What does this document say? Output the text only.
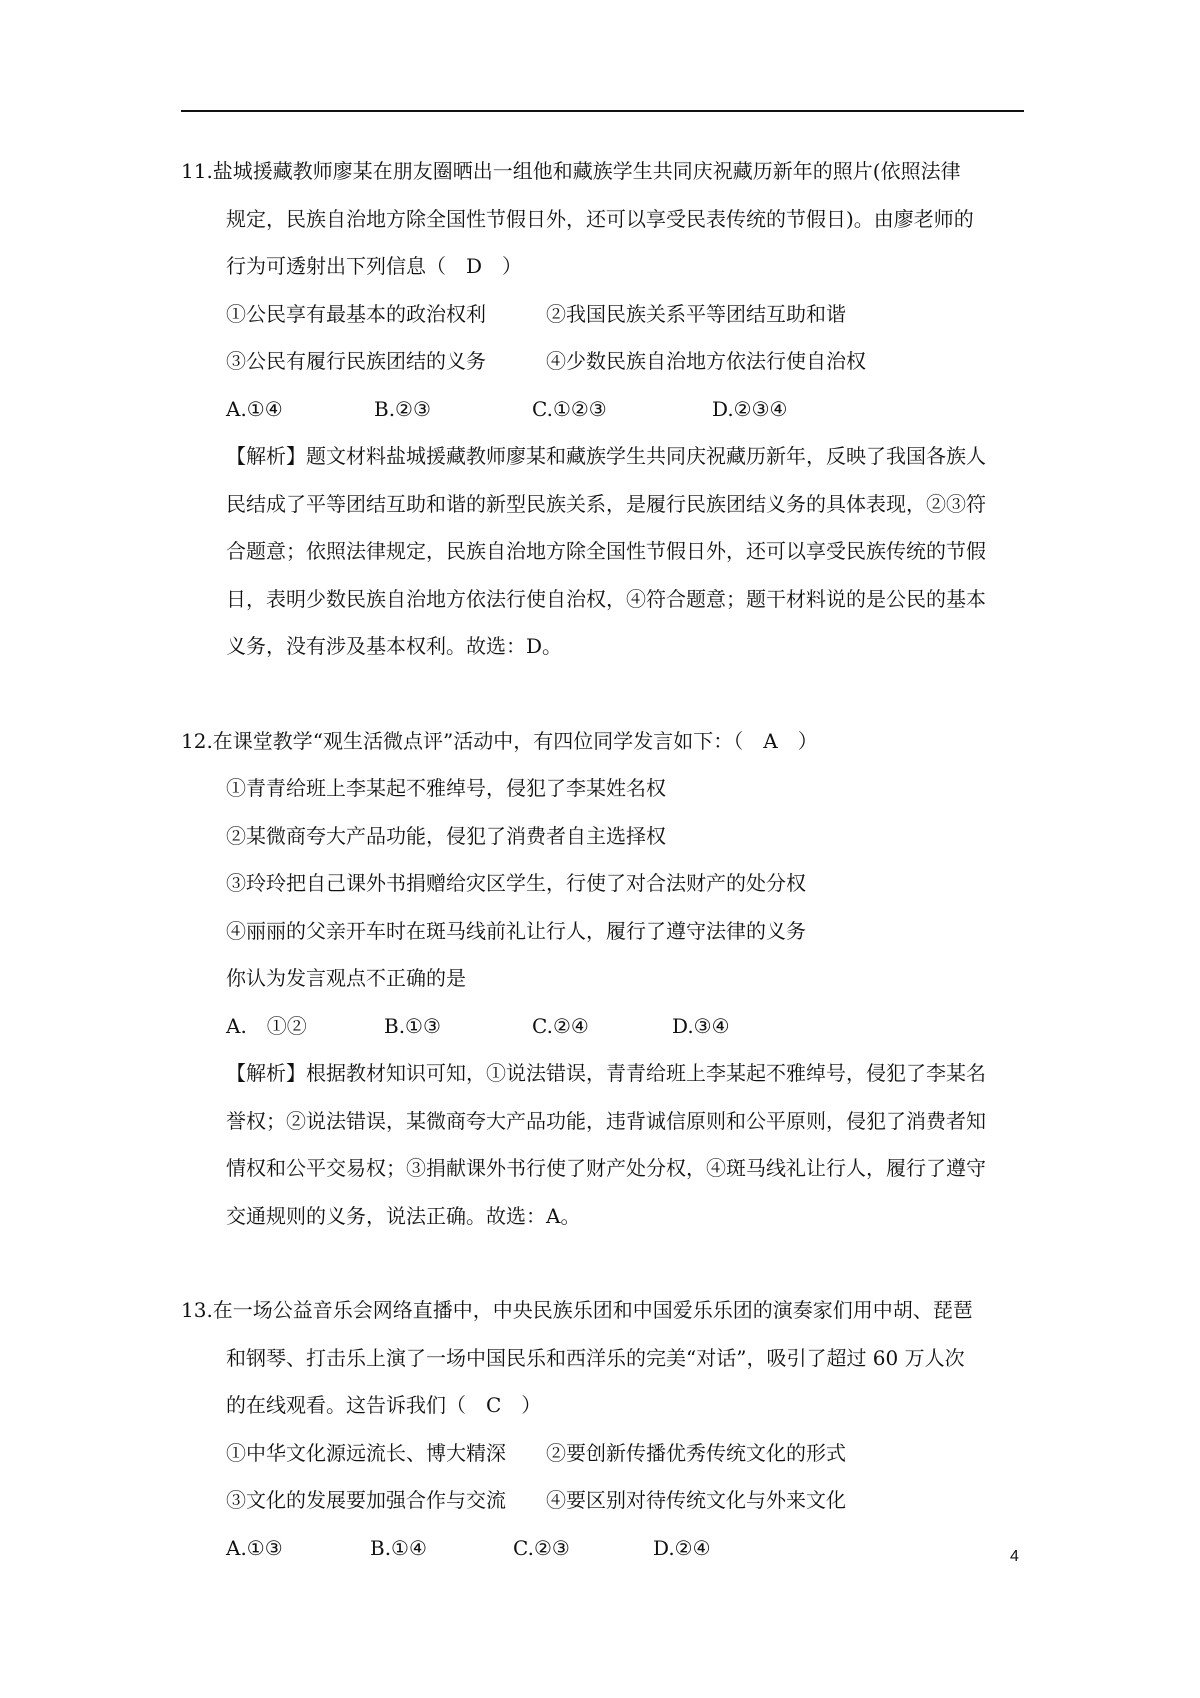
11.盐城援藏教师廖某在朋友圈晒出一组他和藏族学生共同庆祝藏历新年的照片(依照法律

规定，民族自治地方除全国性节假日外，还可以享受民表传统的节假日)。由廖老师的

行为可透射出下列信息（　D　）

①公民享有最基本的政治权利	②我国民族关系平等团结互助和谐
③公民有履行民族团结的义务	④少数民族自治地方依法行使自治权
A.①④	B.②③	C.①②③	D.②③④

【解析】题文材料盐城援藏教师廖某和藏族学生共同庆祝藏历新年，反映了我国各族人

民结成了平等团结互助和谐的新型民族关系，是履行民族团结义务的具体表现，②③符

合题意；依照法律规定，民族自治地方除全国性节假日外，还可以享受民族传统的节假

日，表明少数民族自治地方依法行使自治权，④符合题意；题干材料说的是公民的基本

义务，没有涉及基本权利。故选：D。

12.在课堂教学“观生活微点评”活动中，有四位同学发言如下：（　A　）

①青青给班上李某起不雅绰号，侵犯了李某姓名权

②某微商夸大产品功能，侵犯了消费者自主选择权

③玲玲把自己课外书捐赠给灾区学生，行使了对合法财产的处分权

④丽丽的父亲开车时在斑马线前礼让行人，履行了遵守法律的义务

你认为发言观点不正确的是

A.　①②	B.①③	C.②④	D.③④

【解析】根据教材知识可知，①说法错误，青青给班上李某起不雅绰号，侵犯了李某名

誉权；②说法错误，某微商夸大产品功能，违背诚信原则和公平原则，侵犯了消费者知

情权和公平交易权；③捐献课外书行使了财产处分权，④斑马线礼让行人，履行了遵守

交通规则的义务，说法正确。故选：A。

13.在一场公益音乐会网络直播中，中央民族乐团和中国爱乐乐团的演奏家们用中胡、琵琶

和钢琴、打击乐上演了一场中国民乐和西洋乐的完美“对话”，吸引了超过 60 万人次

的在线观看。这告诉我们（　C　）

①中华文化源远流长、博大精深	②要创新传播优秀传统文化的形式
③文化的发展要加强合作与交流	④要区别对待传统文化与外来文化
A.①③	B.①④	C.②③	D.②④	4
